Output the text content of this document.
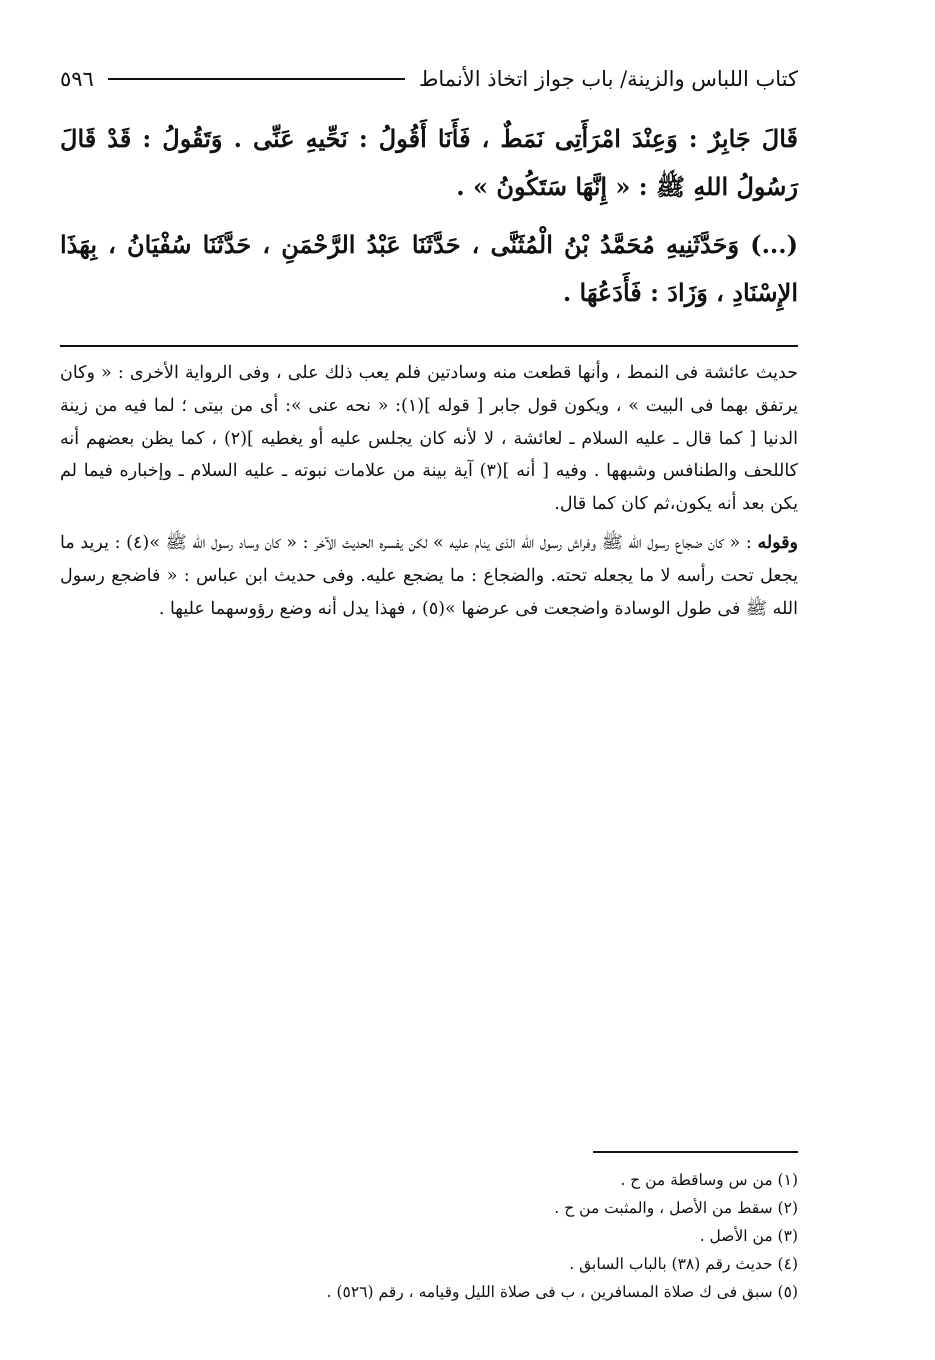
٥٩٦	كتاب اللباس والزينة/ باب جواز اتخاذ الأنماط

قَالَ جَابِرٌ : وَعِنْدَ امْرَأَتِى نَمَطٌ ، فَأَنَا أَقُولُ : نَحِّيهِ عَنِّى . وَتَقُولُ : قَدْ قَالَ رَسُولُ اللهِ ﷺ : « إِنَّهَا سَتَكُونُ » .

(...) وَحَدَّثَنِيهِ مُحَمَّدُ بْنُ الْمُثَنَّى ، حَدَّثَنَا عَبْدُ الرَّحْمَنِ ، حَدَّثَنَا سُفْيَانُ ، بِهَذَا الإِسْنَادِ ، وَزَادَ : فَأَدَعُهَا .

حديث عائشة فى النمط ، وأنها قطعت منه وسادتين فلم يعب ذلك على ، وفى الرواية الأخرى : « وكان يرتفق بهما فى البيت » ، ويكون قول جابر [ قوله ](١): « نحه عنى »: أى من بيتى ؛ لما فيه من زينة الدنيا [ كما قال ـ عليه السلام ـ لعائشة ، لا لأنه كان يجلس عليه أو يغطيه ](٢) ، كما يظن بعضهم أنه كاللحف والطنافس وشبهها . وفيه [ أنه ](٣) آية بينة من علامات نبوته ـ عليه السلام ـ وإخباره فيما لم يكن بعد أنه يكون،ثم كان كما قال.

وقوله : « كان ضجاع رسول الله ﷺ وفراش رسول الله الذى ينام عليه » لكن يفسره الحديث الآخر : « كان وساد رسول الله ﷺ »(٤) : يريد ما يجعل تحت رأسه لا ما يجعله تحته. والضجاع : ما يضجع عليه. وفى حديث ابن عباس : « فاضجع رسول الله ﷺ فى طول الوسادة واضجعت فى عرضها »(٥) ، فهذا يدل أنه وضع رؤوسهما عليها .

(١) من س وساقطة من ح .
(٢) سقط من الأصل ، والمثبت من ح .
(٣) من الأصل .
(٤) حديث رقم (٣٨) بالباب السابق .
(٥) سبق فى ك صلاة المسافرين ، ب فى صلاة الليل وقيامه ، رقم (٥٢٦) .
